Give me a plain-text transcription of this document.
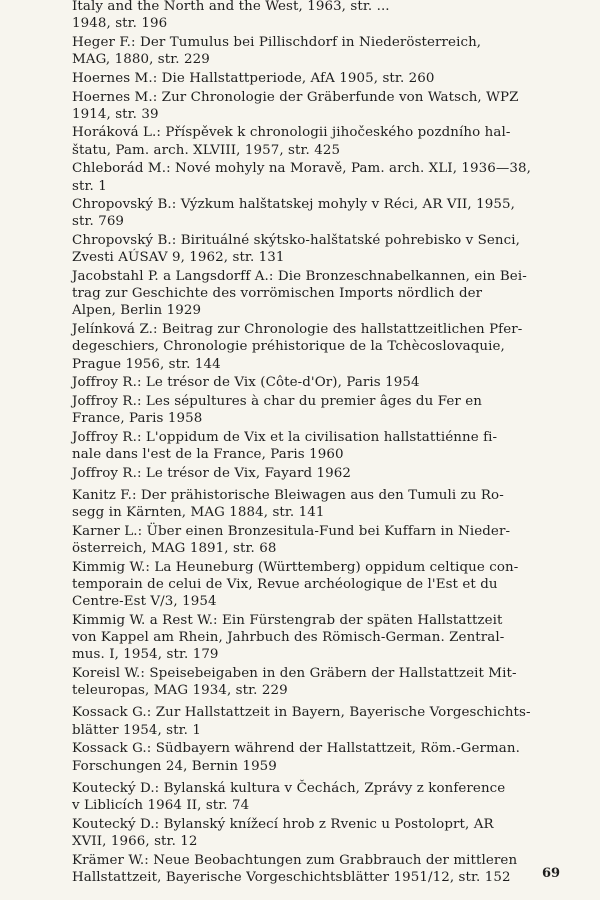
Italy and the North and the West, 1963, str. ...
1948, str. 196
Heger F.: Der Tumulus bei Pillischdorf in Niederösterreich,
MAG, 1880, str. 229
Hoernes M.: Die Hallstattperiode, AfA 1905, str. 260
Hoernes M.: Zur Chronologie der Gräberfunde von Watsch, WPZ
1914, str. 39
Horáková L.: Příspěvek k chronologii jihočeského pozdního hal-
štatu, Pam. arch. XLVIII, 1957, str. 425
Chleborád M.: Nové mohyly na Moravě, Pam. arch. XLI, 1936—38,
str. 1
Chropovský B.: Výzkum halštatskej mohyly v Réci, AR VII, 1955,
str. 769
Chropovský B.: Birituálné skýtsko-halštatské pohrebisko v Senci,
Zvesti AÚSAV 9, 1962, str. 131
Jacobstahl P. a Langsdorff A.: Die Bronzeschnabelkannen, ein Bei-
trag zur Geschichte des vorrömischen Imports nördlich der
Alpen, Berlin 1929
Jelínková Z.: Beitrag zur Chronologie des hallstattzeitlichen Pfer-
degeschiers, Chronologie préhistorique de la Tchècoslovaquie,
Prague 1956, str. 144
Joffroy R.: Le trésor de Vix (Côte-d'Or), Paris 1954
Joffroy R.: Les sépultures à char du premier âges du Fer en
France, Paris 1958
Joffroy R.: L'oppidum de Vix et la civilisation hallstattiénne fi-
nale dans l'est de la France, Paris 1960
Joffroy R.: Le trésor de Vix, Fayard 1962
Kanitz F.: Der prähistorische Bleiwagen aus den Tumuli zu Ro-
segg in Kärnten, MAG 1884, str. 141
Karner L.: Über einen Bronzesitula-Fund bei Kuffarn in Nieder-
österreich, MAG 1891, str. 68
Kimmig W.: La Heuneburg (Württemberg) oppidum celtique con-
temporain de celui de Vix, Revue archéologique de l'Est et du
Centre-Est V/3, 1954
Kimmig W. a Rest W.: Ein Fürstengrab der späten Hallstattzeit
von Kappel am Rhein, Jahrbuch des Römisch-German. Zentral-
mus. I, 1954, str. 179
Koreisl W.: Speisebeigaben in den Gräbern der Hallstattzeit Mit-
teleuropas, MAG 1934, str. 229
Kossack G.: Zur Hallstattzeit in Bayern, Bayerische Vorgeschichts-
blätter 1954, str. 1
Kossack G.: Südbayern während der Hallstattzeit, Röm.-German.
Forschungen 24, Bernin 1959
Koutecký D.: Bylanská kultura v Čechách, Zprávy z konference
v Liblicích 1964 II, str. 74
Koutecký D.: Bylanský knížecí hrob z Rvenic u Postoloprt, AR
XVII, 1966, str. 12
Krämer W.: Neue Beobachtungen zum Grabbrauch der mittleren
Hallstattzeit, Bayerische Vorgeschichtsblätter 1951/12, str. 152	69
